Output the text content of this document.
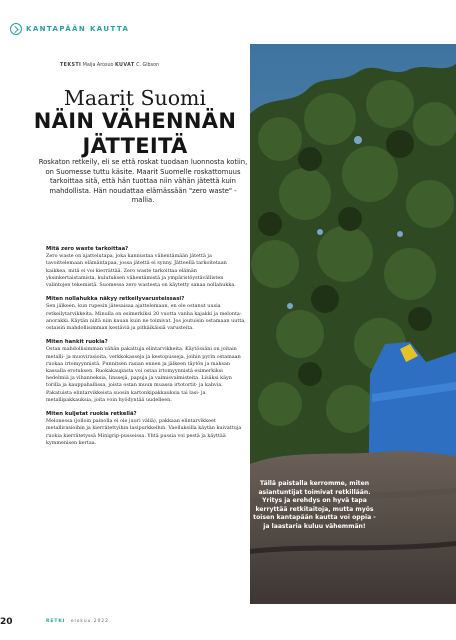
KANTAPÄÄN KAUTTA
TEKSTI Maija Arosuo KUVAT C. Gibson
Maarit Suomi
NÄIN VÄHENNÄN
JÄTTEITÄ

Roskaton retkeily, eli se että roskat tuodaan luonnosta kotiin, on Suomesse tuttu käsite. Maarit Suomelle roskattomuus tarkoittaa sitä, että hän tuottaa niin vähän jätettä kuin mahdollista. Hän noudattaa elämässään "zero waste" -mallia.

Mitä zero waste tarkoittaa?

Zero waste on ajattelutapa, joka kannustaa vähentämään jätettä ja tavoittelemaan elämäntapaa, jossa jätettä ei synny. Jätteellä tarkoitetaan kaikkea, mitä ei voi kierrättää. Zero waste tarkoittaa elämän yksinkertaistamista, kulutuksen vähentämistä ja ympäristöystävällisten valintojen tekemistä. Suomessa zero wastesta on käytetty sanaa nollahukka.

Miten nollahukka näkyy retkeilyvarusteissasi?

Sen jälkeen, kun rupesin jätesaisaa ajattelemaan, en ole ostanut uusia retkeilytarvikkeita. Minulla on esimerkiksi 20 vuotta vanha kajakki ja melonta-anorakki. Käytän niitä niin kauan kuin ne toimivat. Jos joutuisin ostamaan uutta, ostaisin mahdollisimman kestäviä ja pitkäikäisiä varusteita.

Miten hankit ruokia?

Ostan mahdollisimman vähän pakattuja elintarvikkeita. Käytössäni on joitain metalli- ja muovirasioita, verkkokasseja ja kestopusseja, joihin pyrin ostamaan ruokaa irtomyynnistä. Punnitsen rasian ennen ja jälkeen täytön ja maksan kassalla erotuksen. Ruokakaupasta voi ostaa irtomyynnistä esimerkiksi hedelmiä ja vihanneksia, linssejä, papuja ja valmisvalmisteita. Lisäksi käyn torilla ja kauppahallissa, joista ostan muun muassa irtotortit- ja kahvia. Pakatuista elintarvikkeista suosin kartonkipakkauksia tai lasi- ja metallipakkauksia, joita voin hyödyntää uudelleen.

Miten kuljetat ruokia retkellä?

Melonessa (jolloin painolla ei ole juuri väliä), pakkaan elintarvikkeet metallirasioihin ja kierrätettyihin lasipurkkeihin. Vaelluksilla käytän kuivattuja ruokia kierrätetyssä Minigrip-pusseissa. Yhtä pussia voi pestä ja käyttää kymmenisen kertaa.

Tällä paistalla kerromme, miten asiantuntijat toimivat retkillään. Yritys ja erehdys on hyvä tapa kerryttää retkitaitoja, mutta myös toisen kantapään kautta voi oppia - ja laastaria kuluu vähemmän!

20	RETKI elokuu 2022
